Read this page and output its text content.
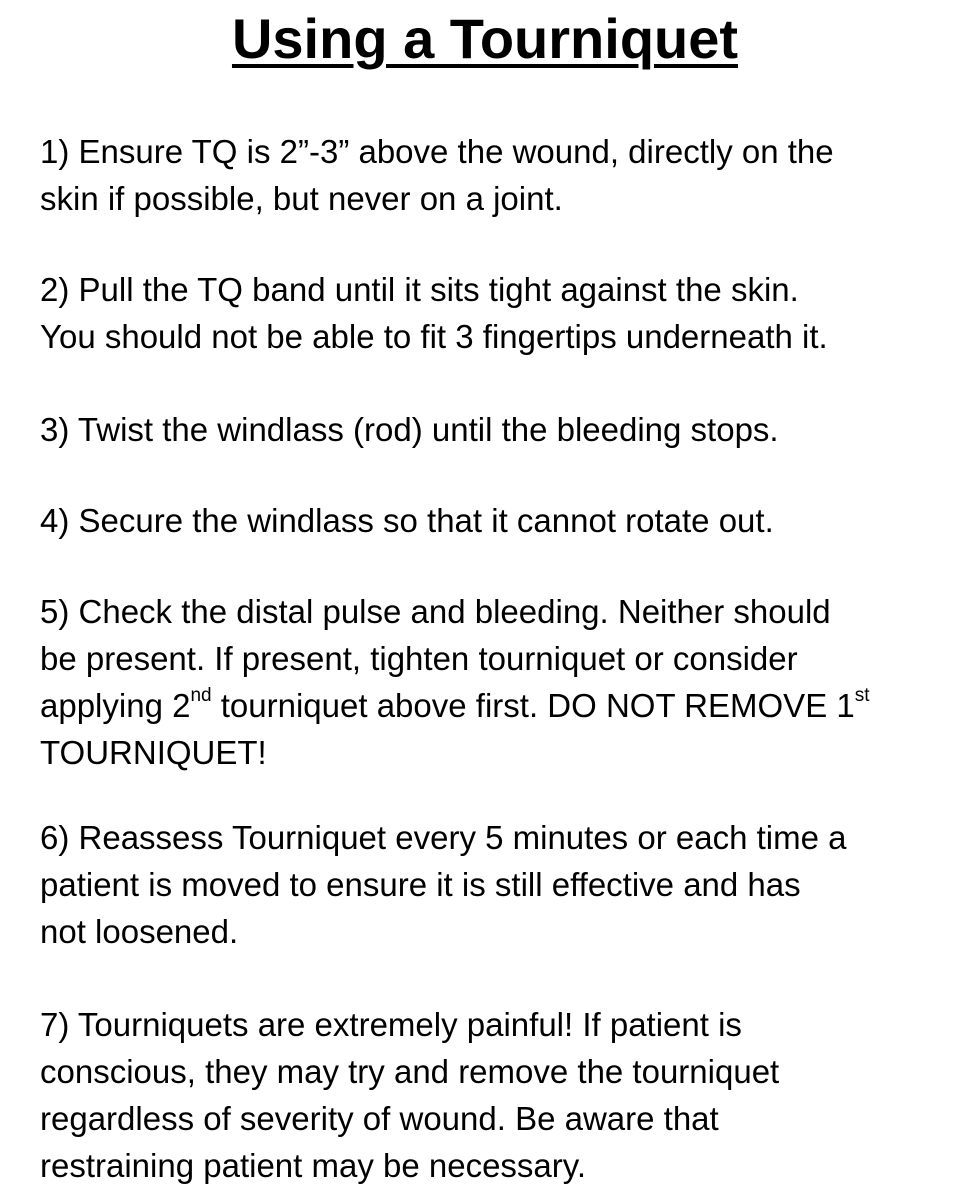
Using a Tourniquet

1) Ensure TQ is 2”-3” above the wound, directly on the
skin if possible, but never on a joint.

2) Pull the TQ band until it sits tight against the skin.
You should not be able to fit 3 fingertips underneath it.

3) Twist the windlass (rod) until the bleeding stops.

4) Secure the windlass so that it cannot rotate out.

5) Check the distal pulse and bleeding. Neither should
be present. If present, tighten tourniquet or consider
applying 2nd tourniquet above first. DO NOT REMOVE 1st
TOURNIQUET!

6) Reassess Tourniquet every 5 minutes or each time a
patient is moved to ensure it is still effective and has
not loosened.

7) Tourniquets are extremely painful! If patient is
conscious, they may try and remove the tourniquet
regardless of severity of wound. Be aware that
restraining patient may be necessary.
